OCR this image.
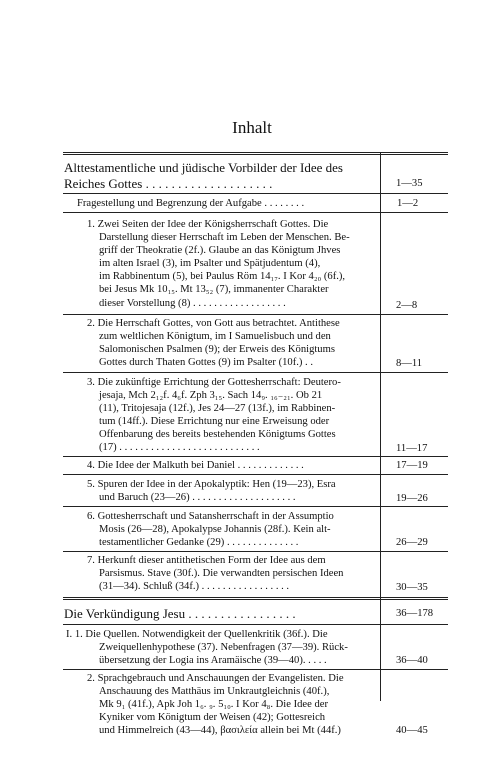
Inhalt
Alttestamentliche und jüdische Vorbilder der Idee des
Reiches Gottes . . . . . . . . . . . . . . . . . . . .	1—35
Fragestellung und Begrenzung der Aufgabe . . . . . . . .	1—2
1. Zwei Seiten der Idee der Königsherrschaft Gottes. Die
Darstellung dieser Herrschaft im Leben der Menschen. Be-
griff der Theokratie (2f.). Glaube an das Königtum Jhves
im alten Israel (3), im Psalter und Spätjudentum (4),
im Rabbinentum (5), bei Paulus Röm 14₁₇. I Kor 4₂₀ (6f.),
bei Jesus Mk 10₁₅. Mt 13₅₂ (7), immanenter Charakter
dieser Vorstellung (8) . . . . . . . . . . . . . . . . . .	2—8
2. Die Herrschaft Gottes, von Gott aus betrachtet. Antithese
zum weltlichen Königtum, im I Samuelisbuch und den
Salomonischen Psalmen (9); der Erweis des Königtums
Gottes durch Thaten Gottes (9) im Psalter (10f.) . .	8—11
3. Die zukünftige Errichtung der Gottesherrschaft: Deutero-
jesaja, Mch 2₁₂f. 4₆f. Zph 3₁₅. Sach 14₉. ₁₆₋₂₁. Ob 21
(11), Tritojesaja (12f.), Jes 24—27 (13f.), im Rabbinen-
tum (14ff.). Diese Errichtung nur eine Erweisung oder
Offenbarung des bereits bestehenden Königtums Gottes
(17) . . . . . . . . . . . . . . . . . . . . . . . . . . .	11—17
4. Die Idee der Malkuth bei Daniel . . . . . . . . . . . . .	17—19
5. Spuren der Idee in der Apokalyptik: Hen (19—23), Esra
und Baruch (23—26) . . . . . . . . . . . . . . . . . . . .	19—26
6. Gottesherrschaft und Satansherrschaft in der Assumptio
Mosis (26—28), Apokalypse Johannis (28f.). Kein alt-
testamentlicher Gedanke (29) . . . . . . . . . . . . . .	26—29
7. Herkunft dieser antithetischen Form der Idee aus dem
Parsismus. Stave (30f.). Die verwandten persischen Ideen
(31—34). Schluß (34f.) . . . . . . . . . . . . . . . . .	30—35
Die Verkündigung Jesu . . . . . . . . . . . . . . . . .	36—178
I. 1. Die Quellen. Notwendigkeit der Quellenkritik (36f.). Die
Zweiquellenhypothese (37). Nebenfragen (37—39). Rück-
übersetzung der Logia ins Aramäische (39—40). . . . .	36—40
2. Sprachgebrauch und Anschauungen der Evangelisten. Die
Anschauung des Matthäus im Unkrautgleichnis (40f.),
Mk 9₁ (41f.), Apk Joh 1₆. ₉. 5₁₀. I Kor 4₈. Die Idee der
Kyniker vom Königtum der Weisen (42); Gottesreich
und Himmelreich (43—44), βασιλεία allein bei Mt (44f.)	40—45
